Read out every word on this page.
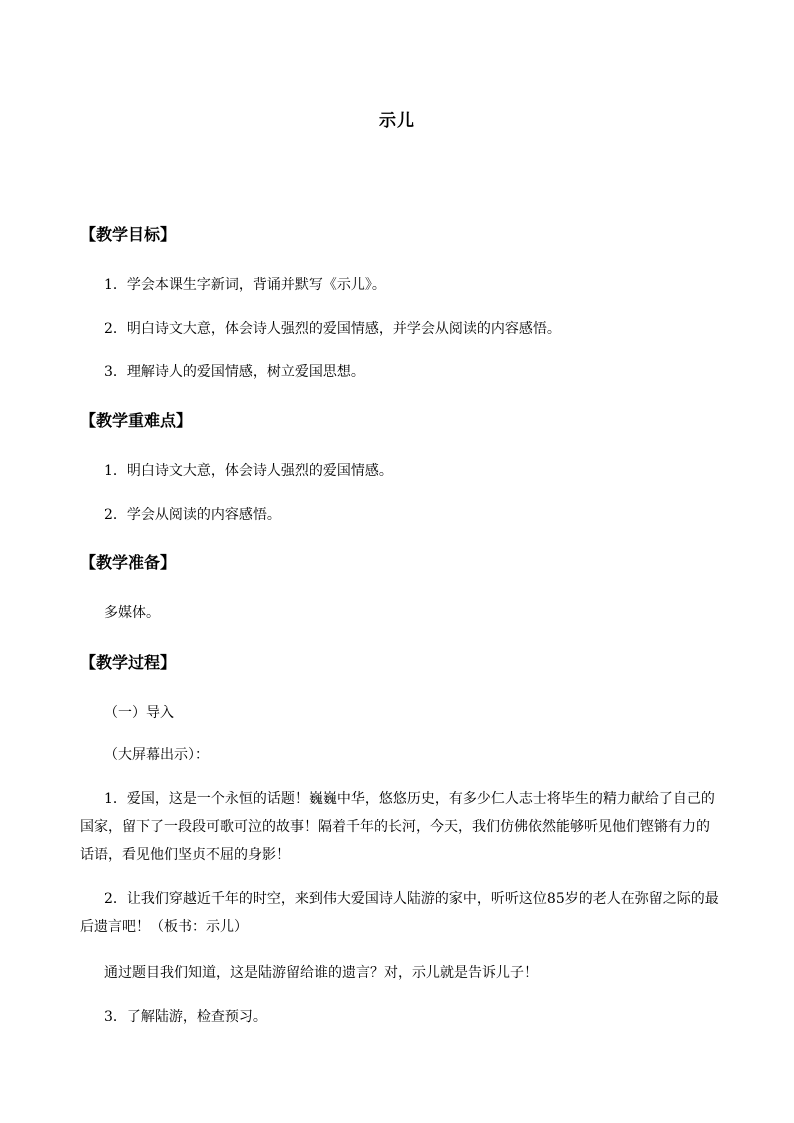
示儿
【教学目标】
1．学会本课生字新词，背诵并默写《示儿》。
2．明白诗文大意，体会诗人强烈的爱国情感，并学会从阅读的内容感悟。
3．理解诗人的爱国情感，树立爱国思想。
【教学重难点】
1．明白诗文大意，体会诗人强烈的爱国情感。
2．学会从阅读的内容感悟。
【教学准备】
多媒体。
【教学过程】
（一）导入
（大屏幕出示）：
1．爱国，这是一个永恒的话题！巍巍中华，悠悠历史，有多少仁人志士将毕生的精力献给了自己的国家，留下了一段段可歌可泣的故事！隔着千年的长河，今天，我们仿佛依然能够听见他们铿锵有力的话语，看见他们坚贞不屈的身影！
2．让我们穿越近千年的时空，来到伟大爱国诗人陆游的家中，听听这位85岁的老人在弥留之际的最后遗言吧！（板书：示儿）
通过题目我们知道，这是陆游留给谁的遗言？对，示儿就是告诉儿子！
3．了解陆游，检查预习。
